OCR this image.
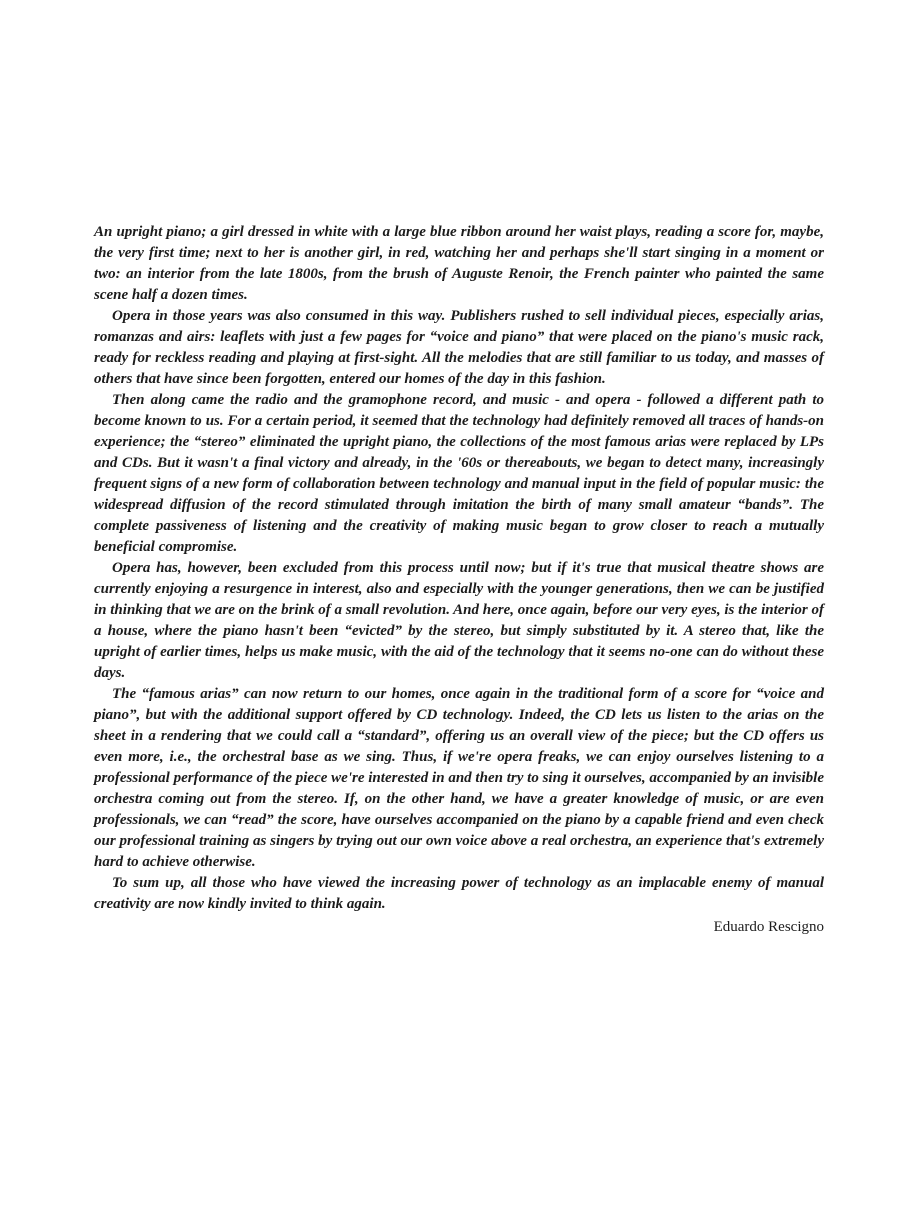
An upright piano; a girl dressed in white with a large blue ribbon around her waist plays, reading a score for, maybe, the very first time; next to her is another girl, in red, watching her and perhaps she'll start singing in a moment or two: an interior from the late 1800s, from the brush of Auguste Renoir, the French painter who painted the same scene half a dozen times.

Opera in those years was also consumed in this way. Publishers rushed to sell individual pieces, especially arias, romanzas and airs: leaflets with just a few pages for “voice and piano” that were placed on the piano's music rack, ready for reckless reading and playing at first-sight. All the melodies that are still familiar to us today, and masses of others that have since been forgotten, entered our homes of the day in this fashion.

Then along came the radio and the gramophone record, and music - and opera - followed a different path to become known to us. For a certain period, it seemed that the technology had definitely removed all traces of hands-on experience; the “stereo” eliminated the upright piano, the collections of the most famous arias were replaced by LPs and CDs. But it wasn't a final victory and already, in the '60s or thereabouts, we began to detect many, increasingly frequent signs of a new form of collaboration between technology and manual input in the field of popular music: the widespread diffusion of the record stimulated through imitation the birth of many small amateur “bands”. The complete passiveness of listening and the creativity of making music began to grow closer to reach a mutually beneficial compromise.

Opera has, however, been excluded from this process until now; but if it's true that musical theatre shows are currently enjoying a resurgence in interest, also and especially with the younger generations, then we can be justified in thinking that we are on the brink of a small revolution. And here, once again, before our very eyes, is the interior of a house, where the piano hasn't been “evicted” by the stereo, but simply substituted by it. A stereo that, like the upright of earlier times, helps us make music, with the aid of the technology that it seems no-one can do without these days.

The “famous arias” can now return to our homes, once again in the traditional form of a score for “voice and piano”, but with the additional support offered by CD technology. Indeed, the CD lets us listen to the arias on the sheet in a rendering that we could call a “standard”, offering us an overall view of the piece; but the CD offers us even more, i.e., the orchestral base as we sing. Thus, if we're opera freaks, we can enjoy ourselves listening to a professional performance of the piece we're interested in and then try to sing it ourselves, accompanied by an invisible orchestra coming out from the stereo. If, on the other hand, we have a greater knowledge of music, or are even professionals, we can “read” the score, have ourselves accompanied on the piano by a capable friend and even check our professional training as singers by trying out our own voice above a real orchestra, an experience that's extremely hard to achieve otherwise.

To sum up, all those who have viewed the increasing power of technology as an implacable enemy of manual creativity are now kindly invited to think again.

Eduardo Rescigno
